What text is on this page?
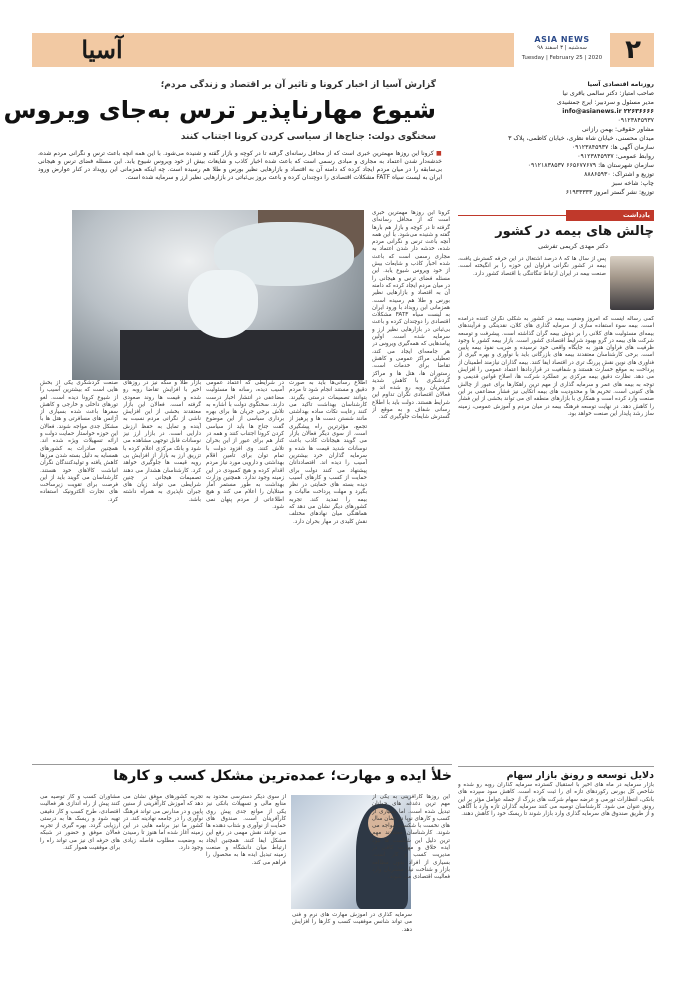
آسیا	ASIA NEWS
سه‌شنبه | ۳ اسفند ۹۸
Tuesday | February 25 | 2020 ۲
روزنامه اقتصادی آسیا
صاحب امتیاز: دکتر سالمی باقری نیا
مدیر مسئول و سردبیر: ایرج جمشیدی
info@asianews.ir ۲۲۶۳۶۶۶۶
۰۹۱۲۳۸۴۵۹۳۷
مشاور حقوقی: بهمن رازانی
میدان محسنی، خیابان شاه نظری، خیابان کاظمی، پلاک ۳
سازمان آگهی ها: ۰۹۱۲۳۸۴۵۹۳۷
روابط عمومی: ۰۹۱۲۳۸۴۵۹۳۷
سازمان شهرستان ها: ۶۶۵۶۷۷۶۷۹ ۰۹۱۲۱۸۳۸۵۳۷
توزیع و اشتراک: ۸۸۸۶۵۹۳۰
چاپ: شاخه سبز
توزیع: نشر گستر امروز ۶۱۹۳۳۳۳۳
یادداشت
چالش های بیمه در کشور
دکتر مهدی کریمی تفرشی
پس از سال ها که ۸ درصد اشتغال در این حرفه گسترش یافت، بیمه در کشور نگرانی فراوان این حوزه را بر انگیخته است. صنعت بیمه در ایران ارتباط تنگاتنگی با اقتصاد کشور دارد.
کمی رساله ایست که امروز وضعیت بیمه در کشور به شکلی نگران کننده درآمده است. بیمه سوء استفاده سازی از سرمایه گذاری های کلان، نقدینگی و فرآیندهای بیمه‌ای مسئولیت های کلانی را بر دوش بیمه گران گذاشته است. پیشرفت و توسعه شرکت های بیمه در گرو بهبود شرایط اقتصادی کشور است. بازار بیمه کشور با وجود ظرفیت های فراوان هنوز به جایگاه واقعی خود نرسیده و ضریب نفوذ بیمه پایین است. برخی کارشناسان معتقدند بیمه های بازرگانی باید با نوآوری و بهره گیری از فناوری های نوین نقش پررنگ تری در اقتصاد ایفا کنند. بیمه گذاران نیازمند اطمینان از پرداخت به موقع خسارت هستند و شفافیت در قراردادها اعتماد عمومی را افزایش می دهد. نظارت دقیق بیمه مرکزی بر عملکرد شرکت ها، اصلاح قوانین قدیمی و توجه به بیمه های عمر و سرمایه گذاری از مهم ترین راهکارها برای عبور از چالش های کنونی است. تحریم ها و محدودیت های بیمه اتکایی نیز فشار مضاعفی بر این صنعت وارد کرده است و همکاری با بازارهای منطقه ای می تواند بخشی از این فشار را کاهش دهد. در نهایت توسعه فرهنگ بیمه در میان مردم و آموزش عمومی، زمینه ساز رشد پایدار این صنعت خواهد بود.
دلایل توسعه و رونق بازار سهام
بازار سرمایه در ماه های اخیر با استقبال گسترده سرمایه گذاران روبه رو شده و شاخص کل بورس رکوردهای تازه ای را ثبت کرده است. کاهش سود سپرده های بانکی، انتظارات تورمی و عرضه سهام شرکت های بزرگ از جمله عوامل مؤثر بر این رونق عنوان می شود. کارشناسان توصیه می کنند سرمایه گذاران تازه وارد با آگاهی و از طریق صندوق های سرمایه گذاری وارد بازار شوند تا ریسک خود را کاهش دهند.
گزارش آسیا از اخبار کرونا و تاثیر آن بر اقتصاد و زندگی مردم؛
شیوع مهارناپذیر ترس به‌جای ویروس
سخنگوی دولت: جناح‌ها از سیاسی کردن کرونا اجتناب کنند
■ کرونا این روزها مهمترین خبری است که از محافل رسانه‌ای گرفته تا در کوچه و بازار گفته و شنیده می‌شود. با این همه آنچه باعث ترس و نگرانی مردم شده، خدشه‌دار شدن اعتماد به مجاری و مبادی رسمی است که باعث شده اخبار کاذب و شایعات بیش از خود ویروس شیوع یابد. این مسئله فضای ترس و هیجانی بی‌سابقه را در میان مردم ایجاد کرده که دامنه آن به اقتصاد و بازارهایی نظیر بورس و طلا هم رسیده است. چه اینکه همزمانی این رویداد در کنار عوارض ورود ایران به لیست سیاه FATF مشکلات اقتصادی را دوچندان کرده و باعث بروز بی‌ثباتی در بازارهایی نظیر ارز و سرمایه شده است.
کرونا این روزها مهمترین خبری است که از محافل رسانه‌ای گرفته تا در کوچه و بازار هم بارها گفته و شنیده می‌شود. با این همه آنچه باعث ترس و نگرانی مردم شده، خدشه دار شدن اعتماد به مجاری رسمی است که باعث شده اخبار کاذب و شایعات بیش از خود ویروس شیوع یابد. این مسئله فضای ترس و هیجانی را در میان مردم ایجاد کرده که دامنه آن به اقتصاد و بازارهایی نظیر بورس و طلا هم رسیده است. همزمانی این رویداد با ورود ایران به لیست سیاه FATF مشکلات اقتصادی را دوچندان کرده و باعث بی‌ثباتی در بازارهایی نظیر ارز و سرمایه شده است. اولین پیامدهایی که همه‌گیری ویروس در هر جامعه‌ای ایجاد می کند، تعطیلی مراکز عمومی و کاهش تقاضا برای خدمات است. رستوران ها، هتل ها و مراکز گردشگری با کاهش شدید مشتریان روبه رو شده اند و فعالان اقتصادی نگران تداوم این شرایط هستند. دولت باید با اطلاع رسانی شفاف و به موقع از گسترش شایعات جلوگیری کند.
اطلاع رسانی‌ها باید به صورت دقیق و مستند انجام شود تا مردم بتوانند تصمیمات درستی بگیرند. کارشناسان بهداشت تاکید می کنند رعایت نکات ساده بهداشتی مانند شستن دست ها و پرهیز از تجمع، مؤثرترین راه پیشگیری است. از سوی دیگر فعالان بازار می گویند هیجانات کاذب باعث نوسانات شدید قیمت ها شده و سرمایه گذاران خرد بیشترین آسیب را دیده اند. اقتصاددانان پیشنهاد می کنند دولت برای حمایت از کسب و کارهای آسیب دیده بسته های حمایتی در نظر بگیرد و مهلت پرداخت مالیات و بیمه را تمدید کند. تجربه کشورهای دیگر نشان می دهد که هماهنگی میان نهادهای مختلف نقش کلیدی در مهار بحران دارد.
در شرایطی که اعتماد عمومی آسیب دیده، رسانه ها مسئولیت مضاعفی در انتشار اخبار درست دارند. سخنگوی دولت با اشاره به تلاش برخی جریان ها برای بهره برداری سیاسی از این موضوع گفت جناح ها باید از سیاسی کردن کرونا اجتناب کنند و همه در کنار هم برای عبور از این بحران تلاش کنند. وی افزود دولت با تمام توان برای تامین اقلام بهداشتی و دارویی مورد نیاز مردم اقدام کرده و هیچ کمبودی در این زمینه وجود ندارد. همچنین وزارت بهداشت به طور مستمر آمار مبتلایان را اعلام می کند و هیچ اطلاعاتی از مردم پنهان نمی شود.
بازار طلا و سکه نیز در روزهای اخیر با افزایش تقاضا روبه رو شده و قیمت ها روند صعودی گرفته است. فعالان این بازار معتقدند بخشی از این افزایش ناشی از نگرانی مردم نسبت به آینده و تمایل به حفظ ارزش دارایی است. در بازار ارز نیز نوسانات قابل توجهی مشاهده می شود و بانک مرکزی اعلام کرده با تزریق ارز به بازار از افزایش بی رویه قیمت ها جلوگیری خواهد کرد. کارشناسان هشدار می دهند تصمیمات هیجانی در چنین شرایطی می تواند زیان های جبران ناپذیری به همراه داشته باشد.
صنعت گردشگری یکی از بخش هایی است که بیشترین آسیب را از شیوع کرونا دیده است. لغو تورهای داخلی و خارجی و کاهش سفرها باعث شده بسیاری از آژانس های مسافرتی و هتل ها با مشکل جدی مواجه شوند. فعالان این حوزه خواستار حمایت دولت و ارائه تسهیلات ویژه شده اند. همچنین صادرات به کشورهای همسایه به دلیل بسته شدن مرزها کاهش یافته و تولیدکنندگان نگران انباشت کالاهای خود هستند. کارشناسان می گویند باید از این فرصت برای تقویت زیرساخت های تجارت الکترونیک استفاده کرد.
خلأ ایده و مهارت؛ عمده‌ترین مشکل کسب و کارها
این روزها کارآفرینی به یکی از مهم ترین دغدغه های جوانان تبدیل شده است. اما بسیاری از کسب و کارهای نوپا در همان سال های نخست با شکست مواجه می شوند. کارشناسان معتقدند مهم ترین دلیل این شکست ها نبود ایده خلاق و مهارت کافی در مدیریت کسب و کار است. بسیاری از افراد بدون مطالعه بازار و شناخت نیاز مشتریان وارد فعالیت اقتصادی می شوند.
سرمایه گذاری در آموزش مهارت های نرم و فنی می تواند شانس موفقیت کسب و کارها را افزایش دهد.
از سوی دیگر دسترسی محدود به منابع مالی و تسهیلات بانکی نیز یکی از موانع جدی پیش روی کارآفرینان است. صندوق های حمایت از نوآوری و شتاب دهنده ها می توانند نقش مهمی در رفع این مشکل ایفا کنند. همچنین ایجاد ارتباط میان دانشگاه و صنعت زمینه تبدیل ایده ها به محصول را فراهم می کند.
تجربه کشورهای موفق نشان می دهد که آموزش کارآفرینی از سنین پایین و در مدارس می تواند فرهنگ نوآوری را در جامعه نهادینه کند. در کشور ما نیز برنامه هایی در این زمینه آغاز شده اما هنوز تا رسیدن به وضعیت مطلوب فاصله زیادی وجود دارد.
مشاوران کسب و کار توصیه می کنند پیش از راه اندازی هر فعالیت اقتصادی، طرح کسب و کار دقیقی تهیه شود و ریسک ها به درستی ارزیابی گردد. بهره گیری از تجربه فعالان موفق و حضور در شبکه های حرفه ای نیز می تواند راه را برای موفقیت هموار کند.
